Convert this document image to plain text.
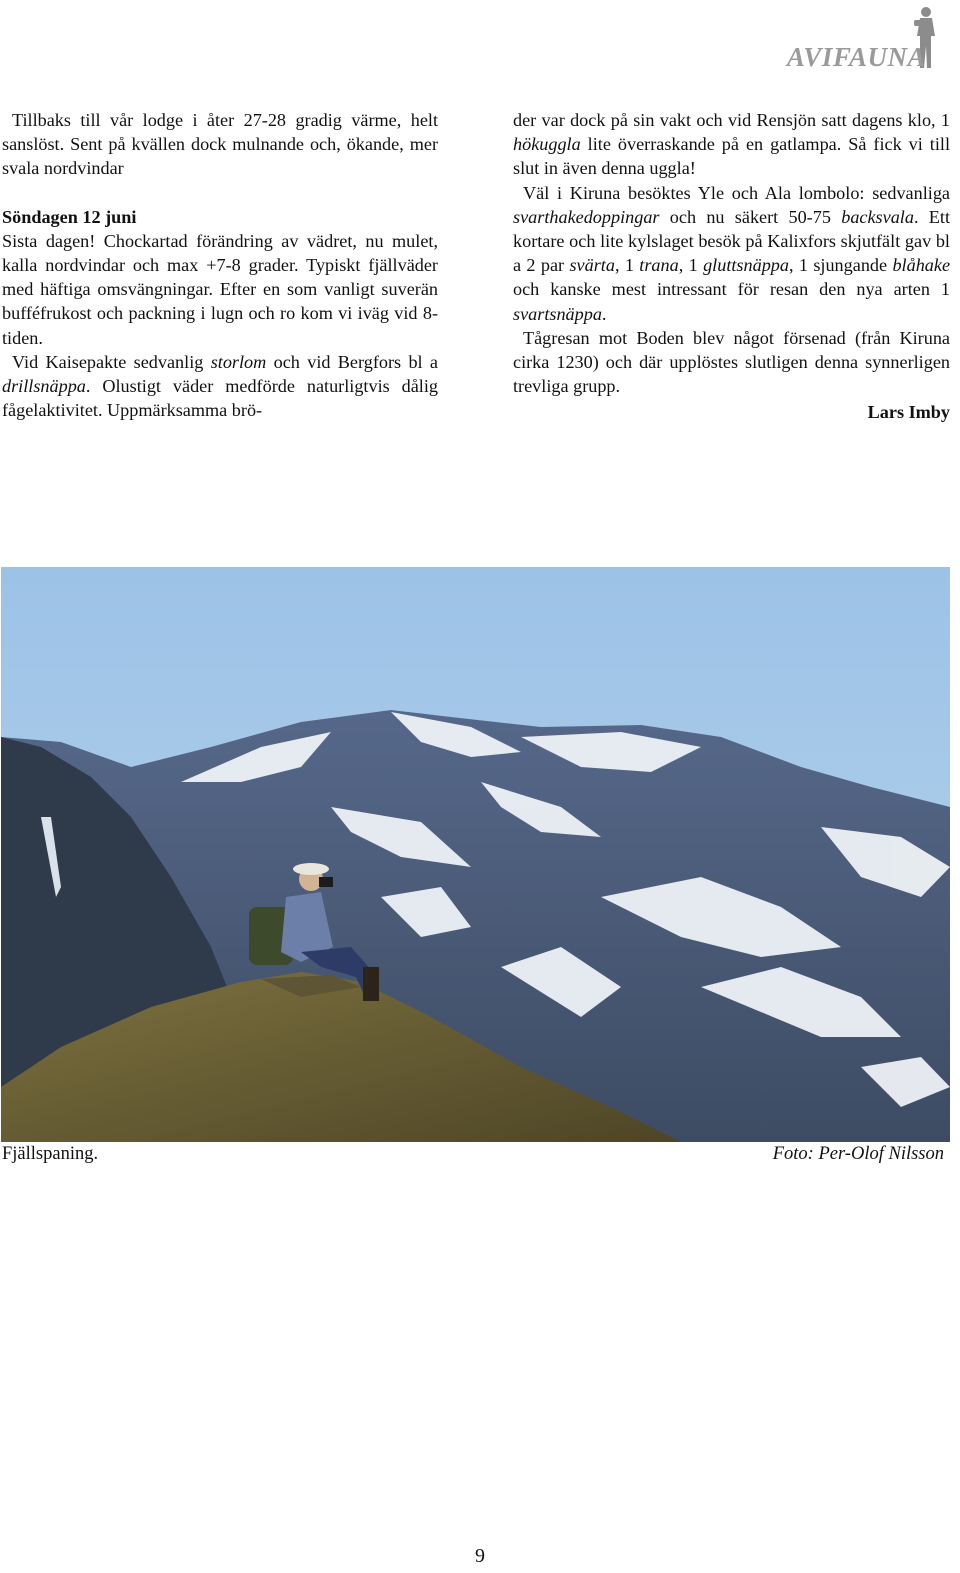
AVIFAUNA

Tillbaks till vår lodge i åter 27-28 gradig värme, helt sanslöst. Sent på kvällen dock mulnande och, ökande, mer svala nordvindar

Söndagen 12 juni

Sista dagen! Chockartad förändring av vädret, nu mulet, kalla nordvindar och max +7-8 grader. Typiskt fjällväder med häftiga omsvängningar. Efter en som vanligt suverän bufféfrukost och packning i lugn och ro kom vi iväg vid 8-tiden.

Vid Kaisepakte sedvanlig storlom och vid Bergfors bl a drillsnäppa. Olustigt väder medförde naturligtvis dålig fågelaktivitet. Uppmärksamma brö-

der var dock på sin vakt och vid Rensjön satt dagens klo, 1 hökuggla lite överraskande på en gatlampa. Så fick vi till slut in även denna uggla!

Väl i Kiruna besöktes Yle och Ala lombolo: sedvanliga svarthakedoppingar och nu säkert 50-75 backsvala. Ett kortare och lite kylslaget besök på Kalixfors skjutfält gav bl a 2 par svärta, 1 trana, 1 gluttsnäppa, 1 sjungande blåhake och kanske mest intressant för resan den nya arten 1 svartsnäppa.

Tågresan mot Boden blev något försenad (från Kiruna cirka 1230) och där upplöstes slutligen denna synnerligen trevliga grupp.

Lars Imby

Fjällspaning.	Foto: Per-Olof Nilsson
9
